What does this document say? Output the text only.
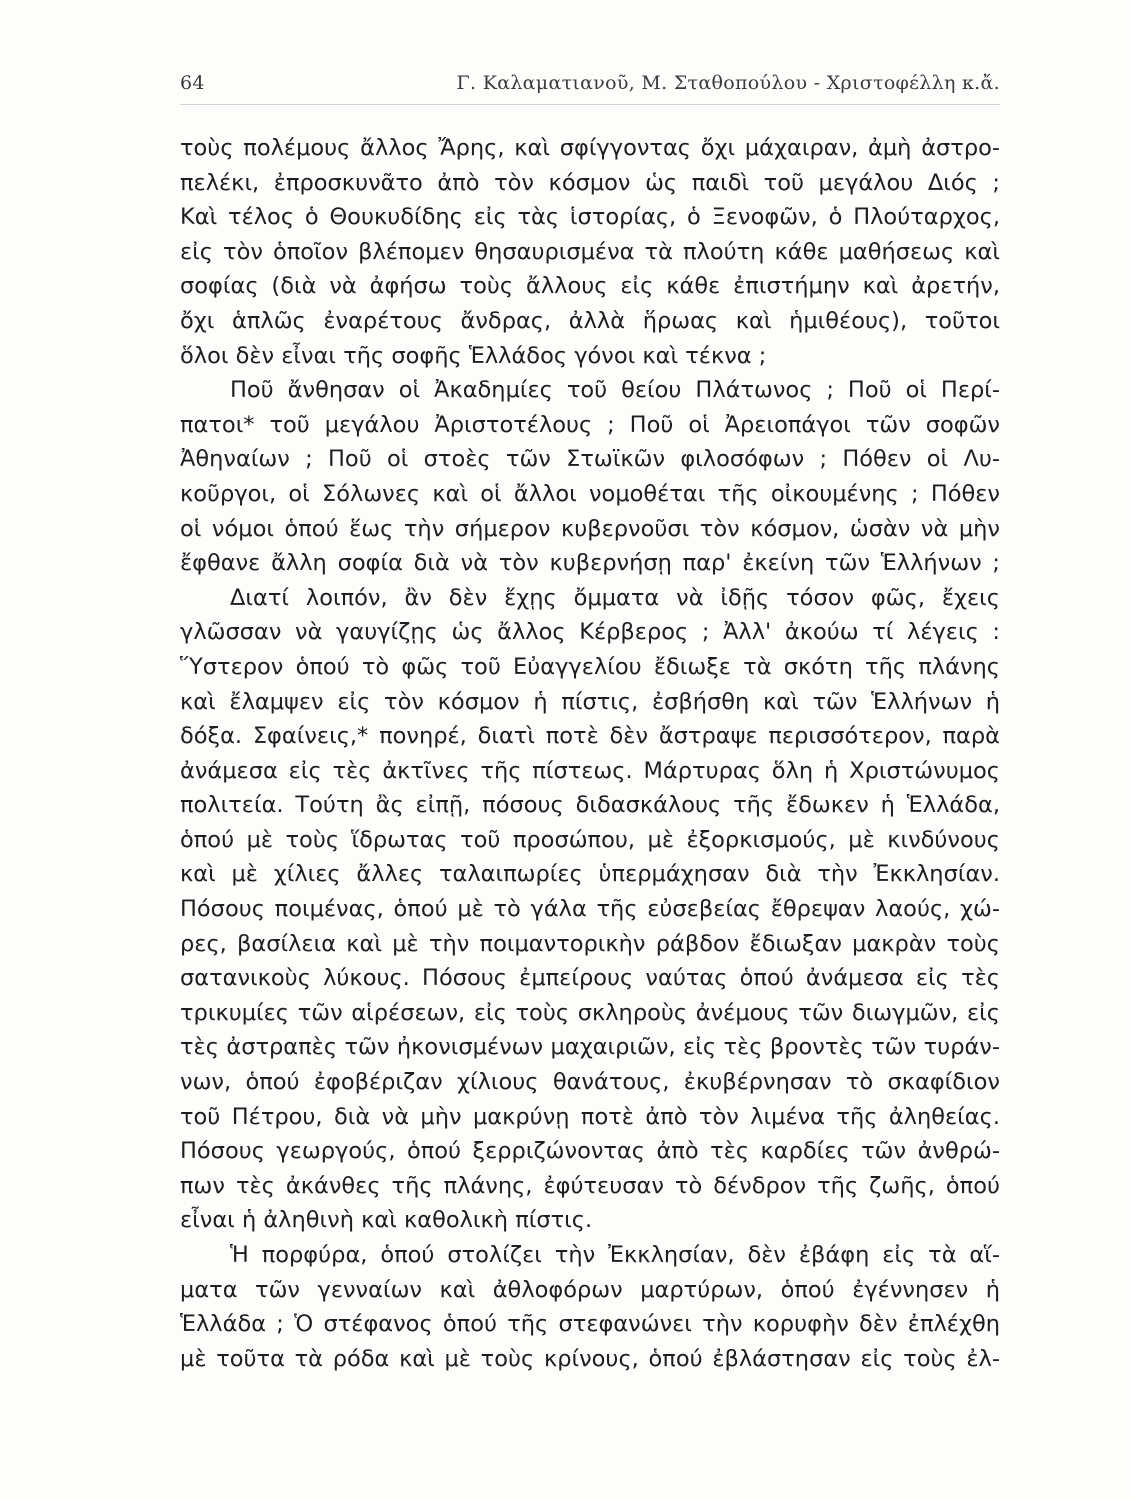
64	Γ. Καλαματιανοῦ, Μ. Σταθοπούλου - Χριστοφέλλη κ.ἄ.
τοὺς πολέμους ἄλλος Ἄρης, καὶ σφίγγοντας ὄχι μάχαιραν, ἀμὴ ἀστρο-
πελέκι, ἐπροσκυνᾶτο ἀπὸ τὸν κόσμον ὡς παιδὶ τοῦ μεγάλου Διός ;
Καὶ τέλος ὁ Θουκυδίδης εἰς τὰς ἱστορίας, ὁ Ξενοφῶν, ὁ Πλούταρχος,
εἰς τὸν ὁποῖον βλέπομεν θησαυρισμένα τὰ πλούτη κάθε μαθήσεως καὶ
σοφίας (διὰ νὰ ἀφήσω τοὺς ἄλλους εἰς κάθε ἐπιστήμην καὶ ἀρετήν,
ὄχι ἁπλῶς ἐναρέτους ἄνδρας, ἀλλὰ ἥρωας καὶ ἡμιθέους), τοῦτοι
ὅλοι δὲν εἶναι τῆς σοφῆς Ἑλλάδος γόνοι καὶ τέκνα ;
Ποῦ ἄνθησαν οἱ Ἀκαδημίες τοῦ θείου Πλάτωνος ; Ποῦ οἱ Περί-
πατοι* τοῦ μεγάλου Ἀριστοτέλους ; Ποῦ οἱ Ἀρειοπάγοι τῶν σοφῶν
Ἀθηναίων ; Ποῦ οἱ στοὲς τῶν Στωϊκῶν φιλοσόφων ; Πόθεν οἱ Λυ-
κοῦργοι, οἱ Σόλωνες καὶ οἱ ἄλλοι νομοθέται τῆς οἰκουμένης ; Πόθεν
οἱ νόμοι ὁπού ἕως τὴν σήμερον κυβερνοῦσι τὸν κόσμον, ὡσὰν νὰ μὴν
ἔφθανε ἄλλη σοφία διὰ νὰ τὸν κυβερνήσῃ παρ' ἐκείνη τῶν Ἑλλήνων ;
Διατί λοιπόν, ἂν δὲν ἔχῃς ὄμματα νὰ ἰδῇς τόσον φῶς, ἔχεις
γλῶσσαν νὰ γαυγίζῃς ὡς ἄλλος Κέρβερος ; Ἀλλ' ἀκούω τί λέγεις :
Ὕστερον ὁπού τὸ φῶς τοῦ Εὐαγγελίου ἔδιωξε τὰ σκότη τῆς πλάνης
καὶ ἔλαμψεν εἰς τὸν κόσμον ἡ πίστις, ἐσβήσθη καὶ τῶν Ἑλλήνων ἡ
δόξα. Σφαίνεις,* πονηρέ, διατὶ ποτὲ δὲν ἄστραψε περισσότερον, παρὰ
ἀνάμεσα εἰς τὲς ἀκτῖνες τῆς πίστεως. Μάρτυρας ὅλη ἡ Χριστώνυμος
πολιτεία. Τούτη ἂς εἰπῇ, πόσους διδασκάλους τῆς ἔδωκεν ἡ Ἑλλάδα,
ὁπού μὲ τοὺς ἵδρωτας τοῦ προσώπου, μὲ ἐξορκισμούς, μὲ κινδύνους
καὶ μὲ χίλιες ἄλλες ταλαιπωρίες ὑπερμάχησαν διὰ τὴν Ἐκκλησίαν.
Πόσους ποιμένας, ὁπού μὲ τὸ γάλα τῆς εὐσεβείας ἔθρεψαν λαούς, χώ-
ρες, βασίλεια καὶ μὲ τὴν ποιμαντορικὴν ράβδον ἔδιωξαν μακρὰν τοὺς
σατανικοὺς λύκους. Πόσους ἐμπείρους ναύτας ὁπού ἀνάμεσα εἰς τὲς
τρικυμίες τῶν αἱρέσεων, εἰς τοὺς σκληροὺς ἀνέμους τῶν διωγμῶν, εἰς
τὲς ἀστραπὲς τῶν ἠκονισμένων μαχαιριῶν, εἰς τὲς βροντὲς τῶν τυράν-
νων, ὁπού ἐφοβέριζαν χίλιους θανάτους, ἐκυβέρνησαν τὸ σκαφίδιον
τοῦ Πέτρου, διὰ νὰ μὴν μακρύνῃ ποτὲ ἀπὸ τὸν λιμένα τῆς ἀληθείας.
Πόσους γεωργούς, ὁπού ξερριζώνοντας ἀπὸ τὲς καρδίες τῶν ἀνθρώ-
πων τὲς ἀκάνθες τῆς πλάνης, ἐφύτευσαν τὸ δένδρον τῆς ζωῆς, ὁπού
εἶναι ἡ ἀληθινὴ καὶ καθολικὴ πίστις.
Ἡ πορφύρα, ὁπού στολίζει τὴν Ἐκκλησίαν, δὲν ἐβάφη εἰς τὰ αἵ-
ματα τῶν γενναίων καὶ ἀθλοφόρων μαρτύρων, ὁπού ἐγέννησεν ἡ
Ἑλλάδα ; Ὁ στέφανος ὁπού τῆς στεφανώνει τὴν κορυφὴν δὲν ἐπλέχθη
μὲ τοῦτα τὰ ρόδα καὶ μὲ τοὺς κρίνους, ὁπού ἐβλάστησαν εἰς τοὺς ἐλ-
